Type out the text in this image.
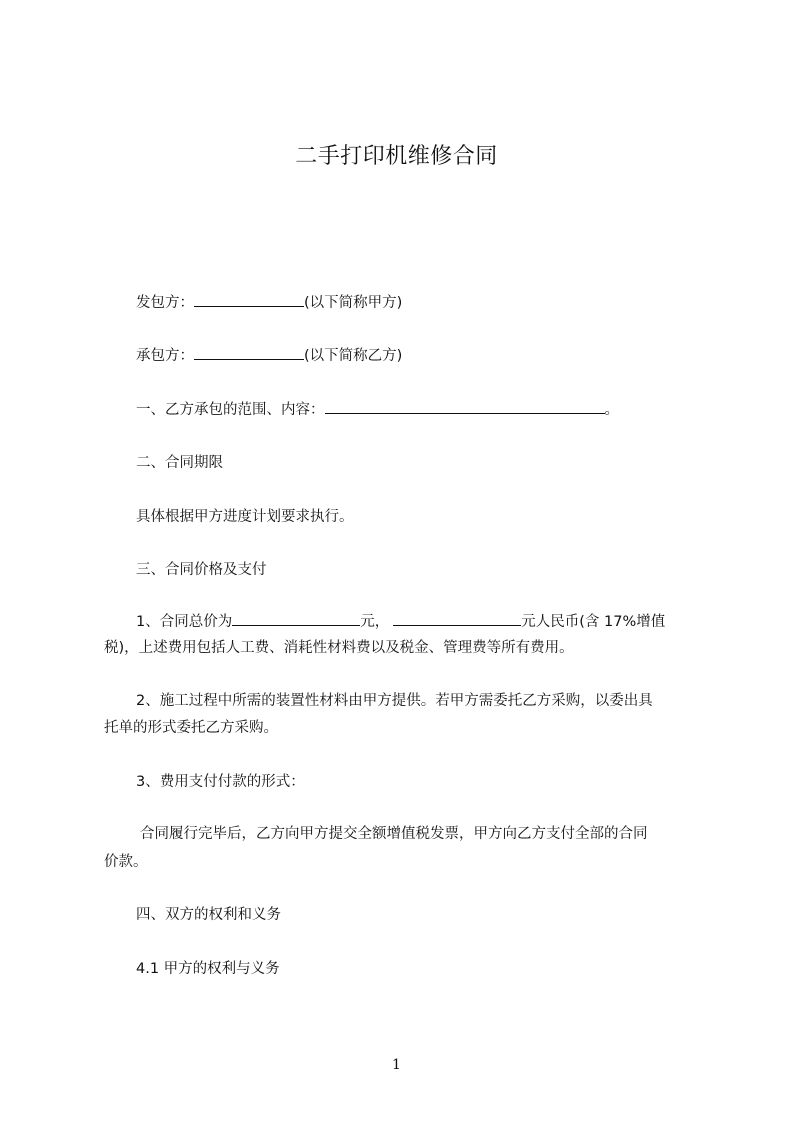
二手打印机维修合同
发包方：	(以下简称甲方)
承包方：	(以下简称乙方)
一、乙方承包的范围、内容：	。
二、合同期限
具体根据甲方进度计划要求执行。
三、合同价格及支付
1、合同总价为	元，	元人民币(含 17%增值
税)，上述费用包括人工费、消耗性材料费以及税金、管理费等所有费用。
2、施工过程中所需的装置性材料由甲方提供。若甲方需委托乙方采购，以委出具
托单的形式委托乙方采购。
3、费用支付付款的形式：
合同履行完毕后，乙方向甲方提交全额增值税发票，甲方向乙方支付全部的合同
价款。
四、双方的权利和义务
4.1 甲方的权利与义务
1
